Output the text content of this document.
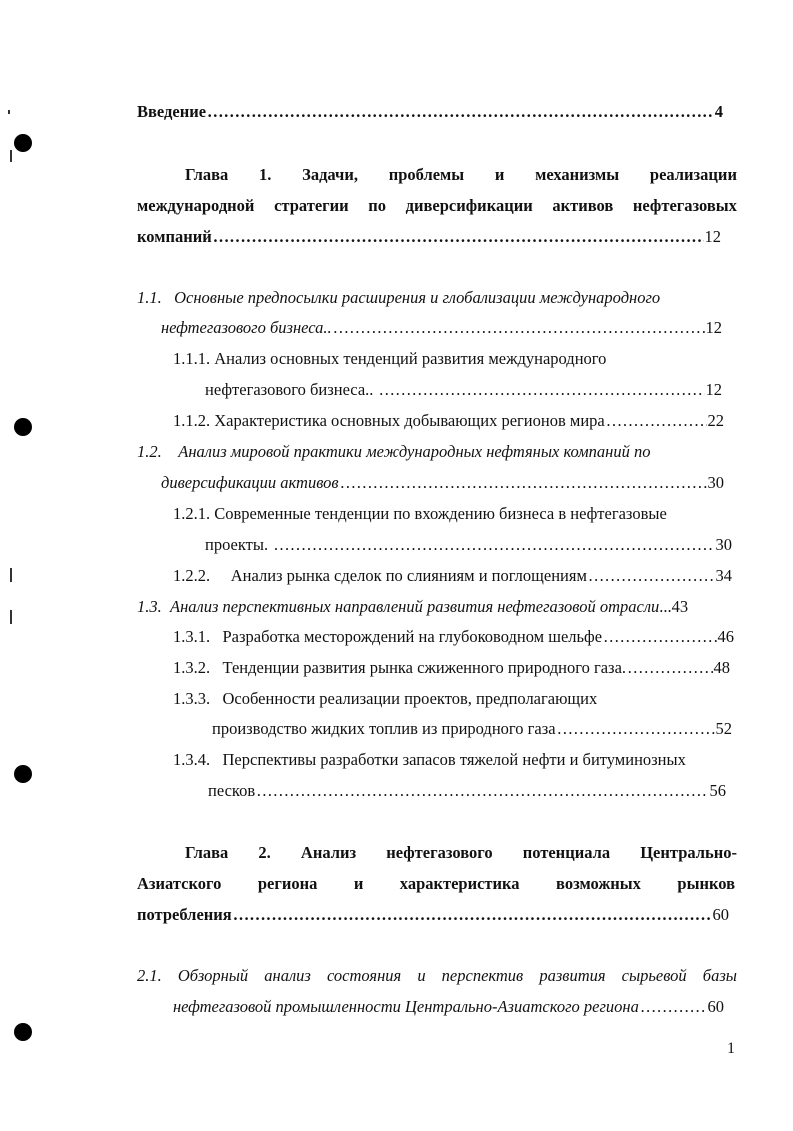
Введение ………………………………………………………………………………………………………………………………………………………………	4
Глава 1. Задачи, проблемы и механизмы реализации
международной стратегии по диверсификации активов нефтегазовых
компаний ………………………………………………………………………………………………………………………………………………………………	12
1.1. Основные предпосылки расширения и глобализации международного
нефтегазового бизнеса.. ………………………………………………………………………………………………………………………………………………………………	12
1.1.1. Анализ основных тенденций развития международного
нефтегазового бизнеса..
………………………………………………………………………………………………………………………………………………………………	12
1.1.2.
Характеристика основных добывающих регионов мира ………………………………………………………………………………………………………………………………………………………………	22
1.2. Анализ мировой практики международных нефтяных компаний по
диверсификации активов ………………………………………………………………………………………………………………………………………………………………	30
1.2.1. Современные тенденции по вхождению бизнеса в нефтегазовые
проекты.
………………………………………………………………………………………………………………………………………………………………	30
1.2.2.
Анализ рынка сделок по слияниям и поглощениям ………………………………………………………………………………………………………………………………………………………………	34
1.3.
Анализ перспективных направлений развития нефтегазовой отрасли ... 43
1.3.1.
Разработка месторождений на глубоководном шельфе ………………………………………………………………………………………………………………………………………………………………	46
1.3.2.
Тенденции развития рынка сжиженного природного газа. ………………………………………………………………………………………………………………………………………………………………	48
1.3.3. Особенности реализации проектов, предполагающих
производство жидких топлив из природного газа ………………………………………………………………………………………………………………………………………………………………	52
1.3.4. Перспективы разработки запасов тяжелой нефти и битуминозных
песков ………………………………………………………………………………………………………………………………………………………………	56
Глава 2. Анализ нефтегазового потенциала Центрально-
Азиатского региона и характеристика возможных рынков
потребления ………………………………………………………………………………………………………………………………………………………………	60
2.1. Обзорный анализ состояния и перспектив развития сырьевой базы
нефтегазовой промышленности Центрально-Азиатского региона ………………………………………………………………………………………………………………………………………………………………	60
1
